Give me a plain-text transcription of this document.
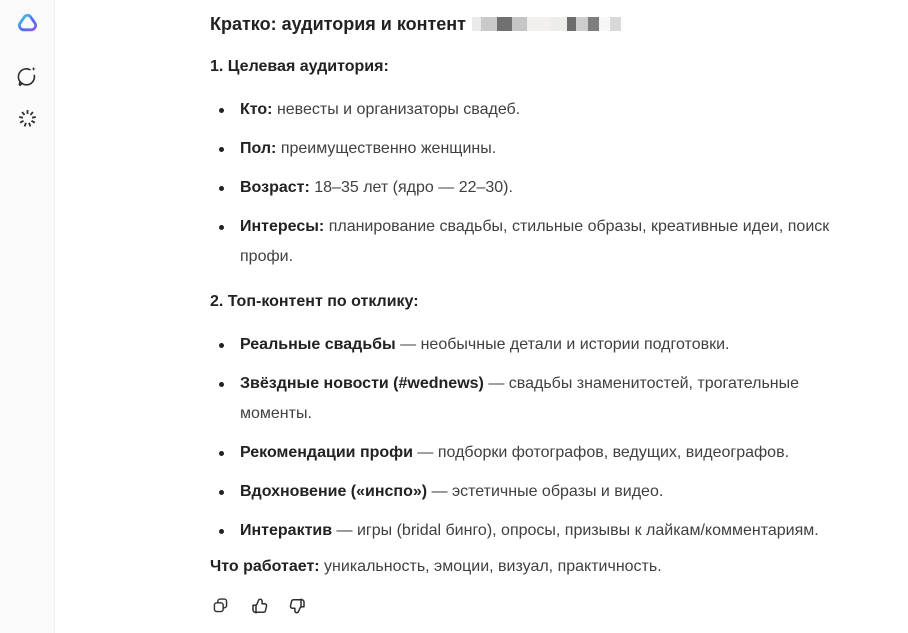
Кратко: аудитория и контент
1. Целевая аудитория:
Кто: невесты и организаторы свадеб.
Пол: преимущественно женщины.
Возраст: 18–35 лет (ядро — 22–30).
Интересы: планирование свадьбы, стильные образы, креативные идеи, поиск профи.
2. Топ-контент по отклику:
Реальные свадьбы — необычные детали и истории подготовки.
Звёздные новости (#wednews) — свадьбы знаменитостей, трогательные моменты.
Рекомендации профи — подборки фотографов, ведущих, видеографов.
Вдохновение («инспо») — эстетичные образы и видео.
Интерактив — игры (bridal бинго), опросы, призывы к лайкам/комментариям.

Что работает: уникальность, эмоции, визуал, практичность.
